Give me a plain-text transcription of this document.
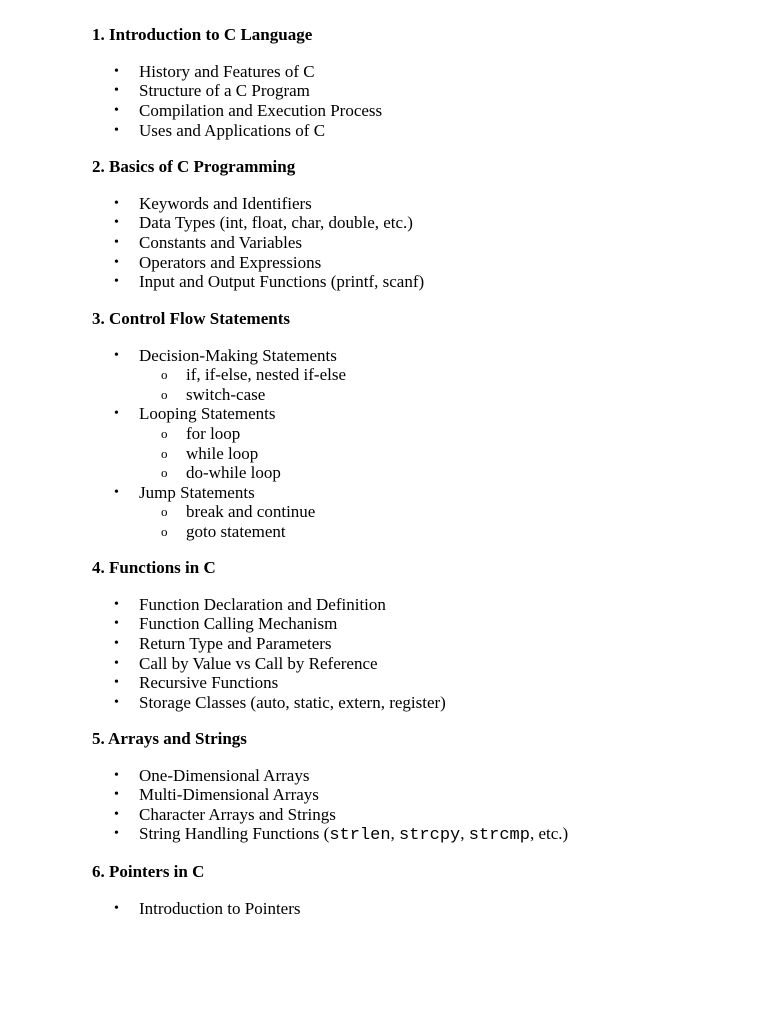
1. Introduction to C Language
• History and Features of C
• Structure of a C Program
• Compilation and Execution Process
• Uses and Applications of C
2. Basics of C Programming
• Keywords and Identifiers
• Data Types (int, float, char, double, etc.)
• Constants and Variables
• Operators and Expressions
• Input and Output Functions (printf, scanf)
3. Control Flow Statements
• Decision-Making Statements
o if, if-else, nested if-else
o switch-case
• Looping Statements
o for loop
o while loop
o do-while loop
• Jump Statements
o break and continue
o goto statement
4. Functions in C
• Function Declaration and Definition
• Function Calling Mechanism
• Return Type and Parameters
• Call by Value vs Call by Reference
• Recursive Functions
• Storage Classes (auto, static, extern, register)
5. Arrays and Strings
• One-Dimensional Arrays
• Multi-Dimensional Arrays
• Character Arrays and Strings
• String Handling Functions (strlen, strcpy, strcmp, etc.)
6. Pointers in C
• Introduction to Pointers
